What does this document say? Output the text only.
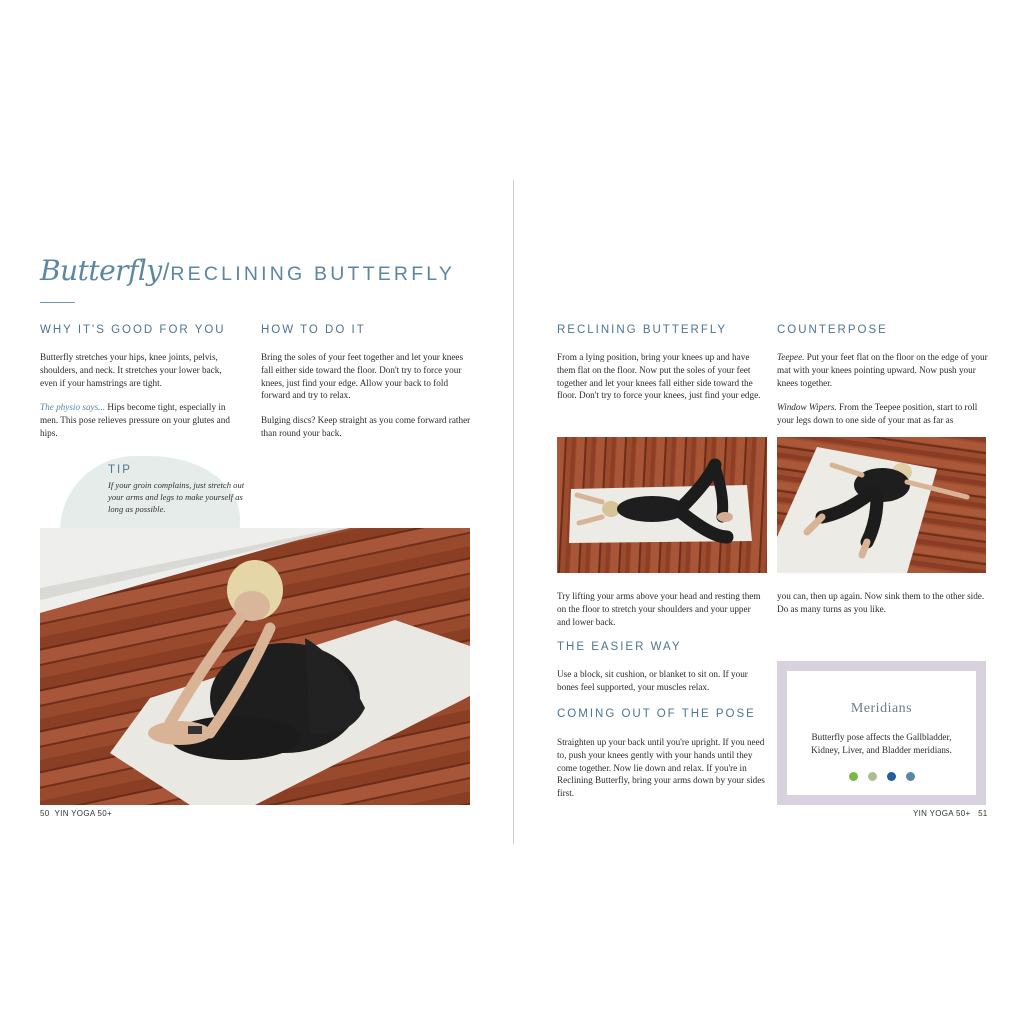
Butterfly/RECLINING BUTTERFLY
WHY IT'S GOOD FOR YOU

Butterfly stretches your hips, knee joints, pelvis, shoulders, and neck. It stretches your lower back, even if your hamstrings are tight.

The physio says... Hips become tight, especially in men. This pose relieves pressure on your glutes and hips.

HOW TO DO IT

Bring the soles of your feet together and let your knees fall either side toward the floor. Don't try to force your knees, just find your edge. Allow your back to fold forward and try to relax.

Bulging discs? Keep straight as you come forward rather than round your back.

TIP
If your groin complains, just stretch out your arms and legs to make yourself as long as possible.
50 YIN YOGA 50+
RECLINING BUTTERFLY
From a lying position, bring your knees up and have them flat on the floor. Now put the soles of your feet together and let your knees fall either side toward the floor. Don't try to force your knees, just find your edge.
COUNTERPOSE

Teepee. Put your feet flat on the floor on the edge of your mat with your knees pointing upward. Now push your knees together.

Window Wipers. From the Teepee position, start to roll your legs down to one side of your mat as far as

Try lifting your arms above your head and resting them on the floor to stretch your shoulders and your upper and lower back.
you can, then up again. Now sink them to the other side. Do as many turns as you like.
THE EASIER WAY
Use a block, sit cushion, or blanket to sit on. If your bones feel supported, your muscles relax.
COMING OUT OF THE POSE
Straighten up your back until you're upright. If you need to, push your knees gently with your hands until they come together. Now lie down and relax. If you're in Reclining Butterfly, bring your arms down by your sides first.
Meridians
Butterfly pose affects the Gallbladder, Kidney, Liver, and Bladder meridians.
YIN YOGA 50+ 51
